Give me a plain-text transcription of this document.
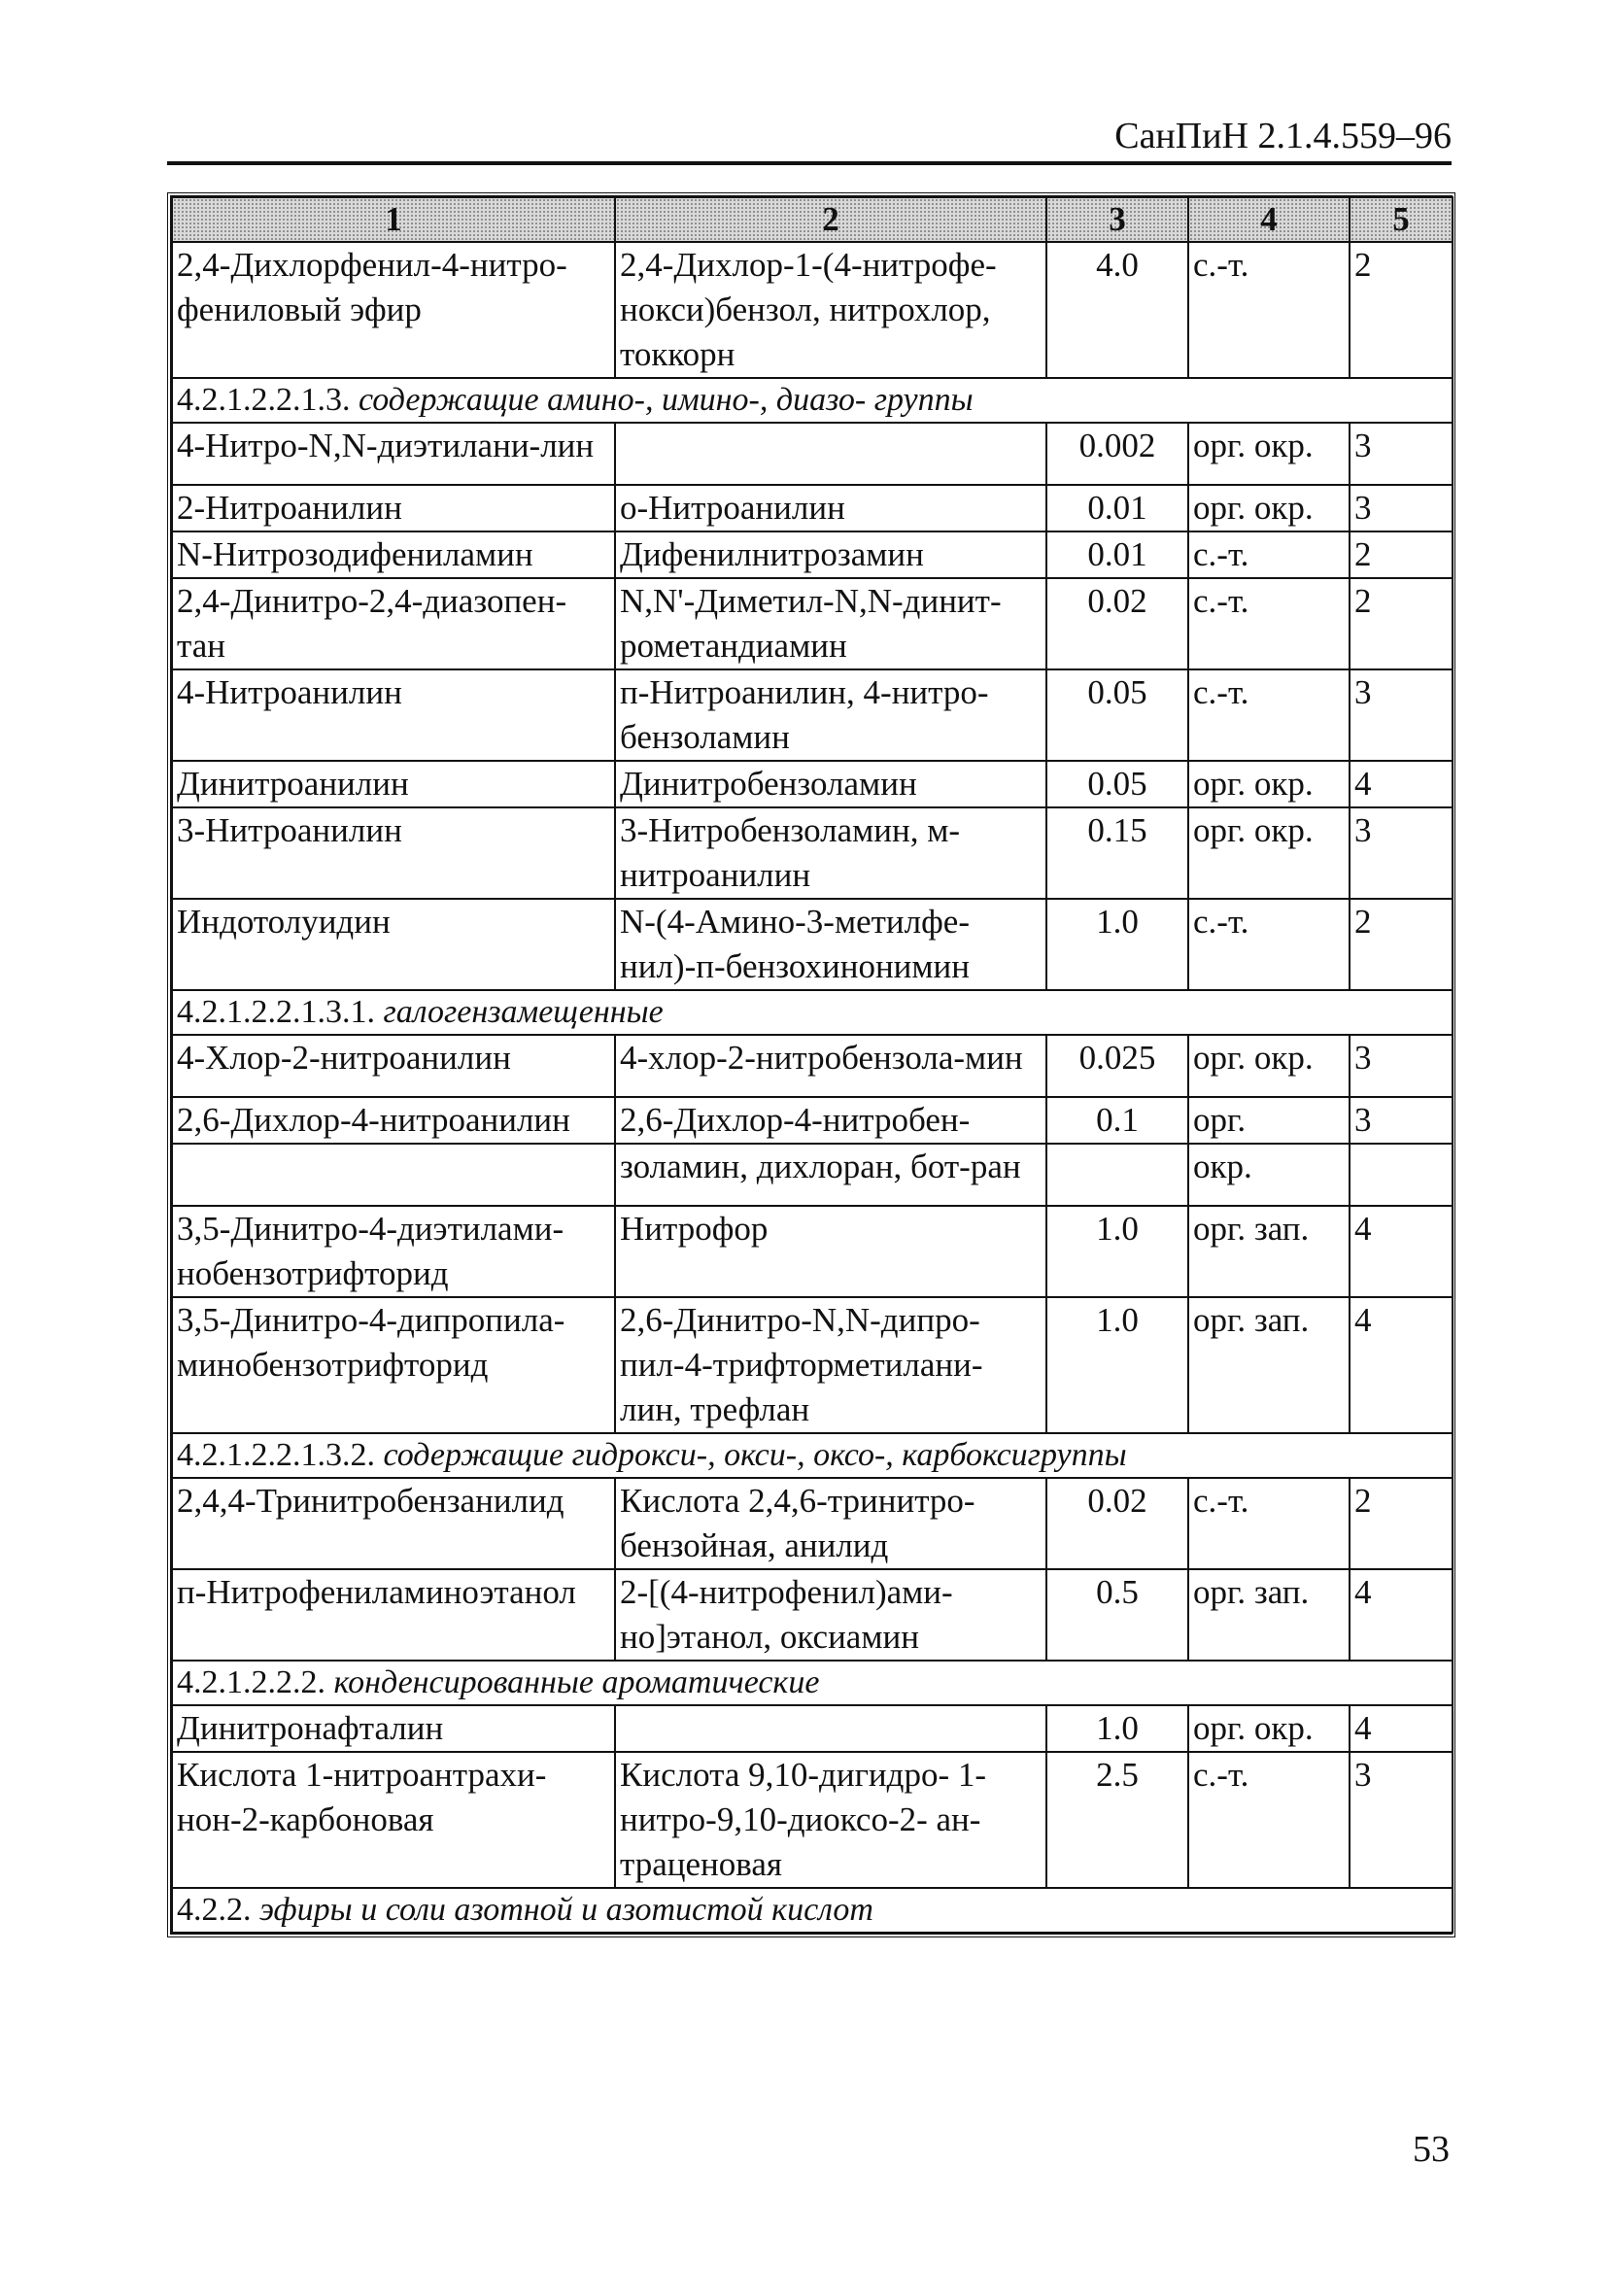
СанПиН 2.1.4.559–96
1	2	3	4	5
2,4-Дихлорфенил-4-нитро-фениловый эфир	2,4-Дихлор-1-(4-нитрофе-нокси)бензол, нитрохлор, токкорн	4.0	с.-т.	2
4.2.1.2.2.1.3. содержащие амино-, имино-, диазо- группы				
4-Нитро-N,N-диэтилани-лин		0.002	орг. окр.	3
2-Нитроанилин	о-Нитроанилин	0.01	орг. окр.	3
N-Нитрозодифениламин	Дифенилнитрозамин	0.01	с.-т.	2
2,4-Динитро-2,4-диазопен-тан	N,N'-Диметил-N,N-динит-рометандиамин	0.02	с.-т.	2
4-Нитроанилин	п-Нитроанилин, 4-нитро-бензоламин	0.05	с.-т.	3
Динитроанилин	Динитробензоламин	0.05	орг. окр.	4
3-Нитроанилин	3-Нитробензоламин, м-нитроанилин	0.15	орг. окр.	3
Индотолуидин	N-(4-Амино-3-метилфе-нил)-п-бензохинонимин	1.0	с.-т.	2
4.2.1.2.2.1.3.1. галогензамещенные				
4-Хлор-2-нитроанилин	4-хлор-2-нитробензола-мин	0.025	орг. окр.	3
2,6-Дихлор-4-нитроанилин	2,6-Дихлор-4-нитробен-	0.1	орг.	3
	золамин, дихлоран, бот-ран		окр.	
3,5-Динитро-4-диэтилами-нобензотрифторид	Нитрофор	1.0	орг. зап.	4
3,5-Динитро-4-дипропила-минобензотрифторид	2,6-Динитро-N,N-дипро-пил-4-трифторметилани-лин, трефлан	1.0	орг. зап.	4
4.2.1.2.2.1.3.2. содержащие гидрокси-, окси-, оксо-, карбоксигруппы				
2,4,4-Тринитробензанилид	Кислота 2,4,6-тринитро-бензойная, анилид	0.02	с.-т.	2
п-Нитрофениламиноэтанол	2-[(4-нитрофенил)ами-но]этанол, оксиамин	0.5	орг. зап.	4
4.2.1.2.2.2. конденсированные ароматические				
Динитронафталин		1.0	орг. окр.	4
Кислота 1-нитроантрахи-нон-2-карбоновая	Кислота 9,10-дигидро- 1-нитро-9,10-диоксо-2- ан-траценовая	2.5	с.-т.	3
4.2.2. эфиры и соли азотной и азотистой кислот				
53
